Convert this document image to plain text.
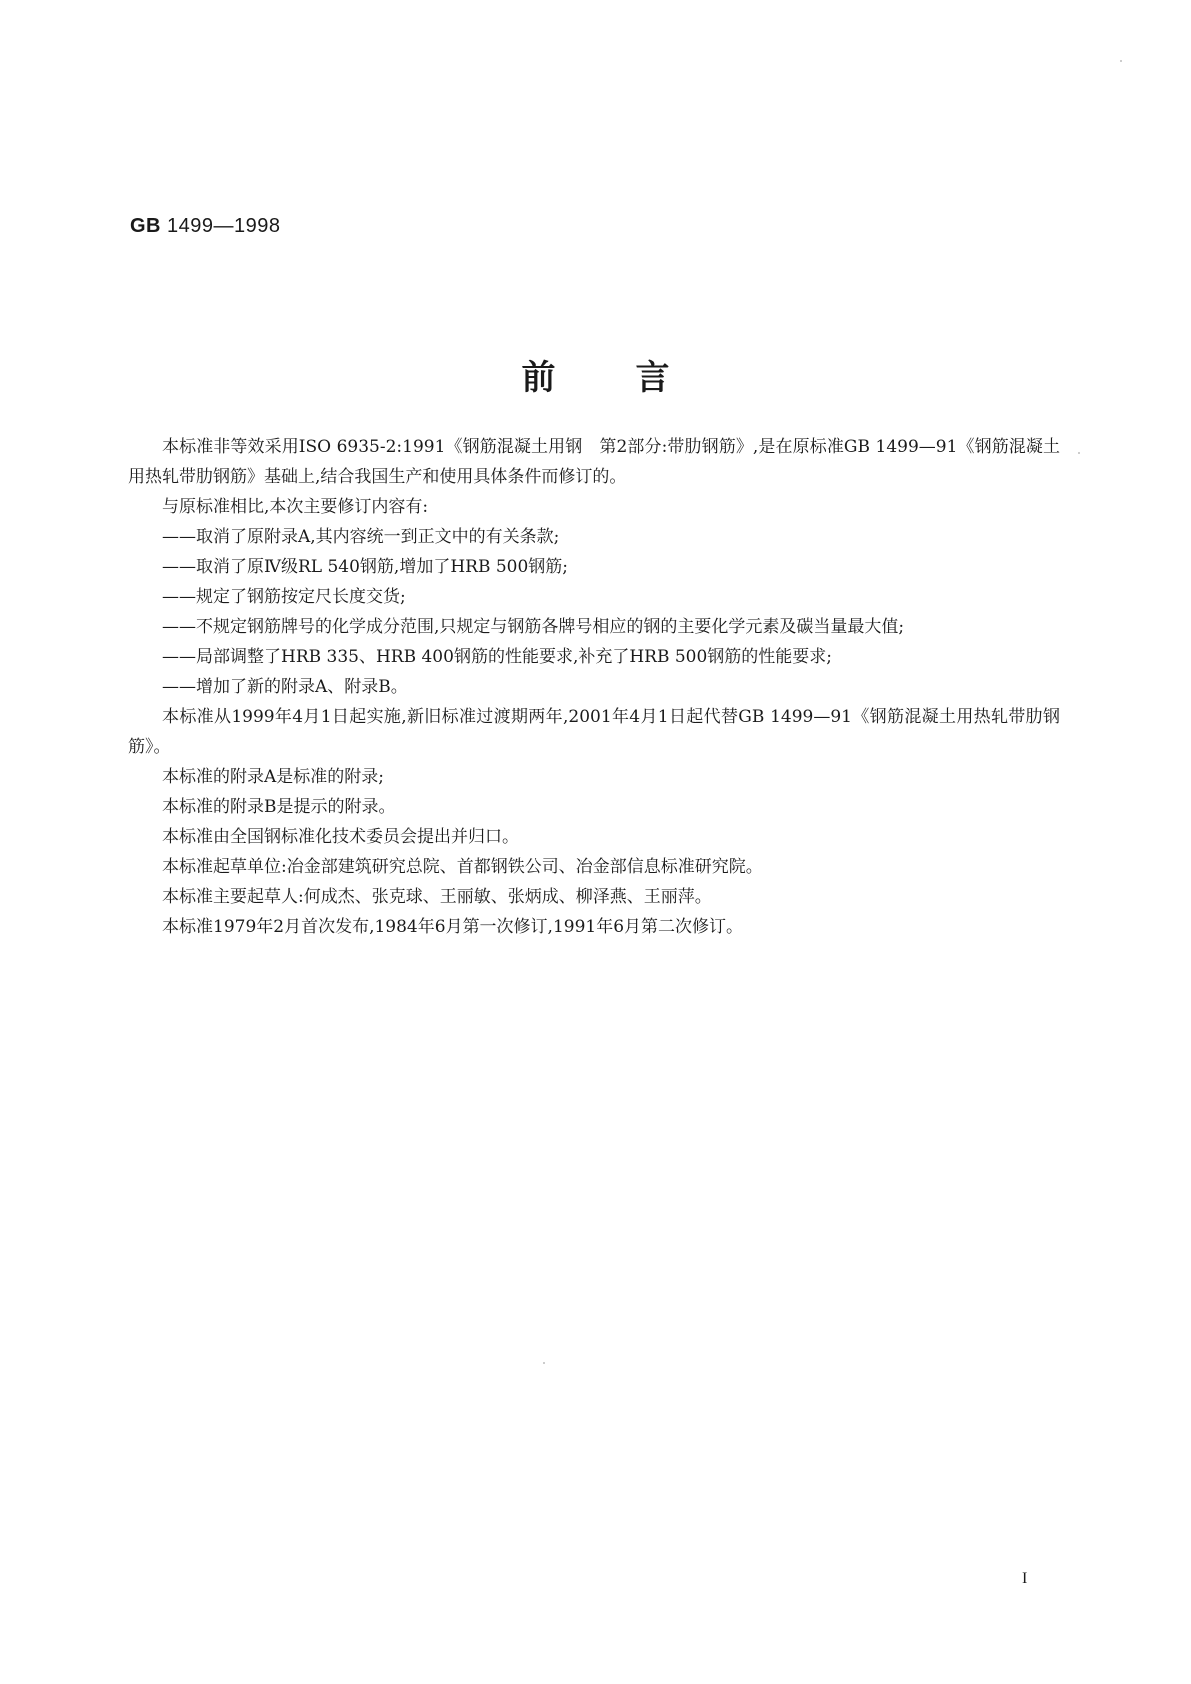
GB 1499—1998
前言

本标准非等效采用ISO 6935-2:1991《钢筋混凝土用钢　第2部分:带肋钢筋》,是在原标准GB 1499—91《钢筋混凝土用热轧带肋钢筋》基础上,结合我国生产和使用具体条件而修订的。

与原标准相比,本次主要修订内容有:

——取消了原附录A,其内容统一到正文中的有关条款;

——取消了原Ⅳ级RL 540钢筋,增加了HRB 500钢筋;

——规定了钢筋按定尺长度交货;

——不规定钢筋牌号的化学成分范围,只规定与钢筋各牌号相应的钢的主要化学元素及碳当量最大值;

——局部调整了HRB 335、HRB 400钢筋的性能要求,补充了HRB 500钢筋的性能要求;

——增加了新的附录A、附录B。

本标准从1999年4月1日起实施,新旧标准过渡期两年,2001年4月1日起代替GB 1499—91《钢筋混凝土用热轧带肋钢筋》。

本标准的附录A是标准的附录;

本标准的附录B是提示的附录。

本标准由全国钢标准化技术委员会提出并归口。

本标准起草单位:冶金部建筑研究总院、首都钢铁公司、冶金部信息标准研究院。

本标准主要起草人:何成杰、张克球、王丽敏、张炳成、柳泽燕、王丽萍。

本标准1979年2月首次发布,1984年6月第一次修订,1991年6月第二次修订。

I
